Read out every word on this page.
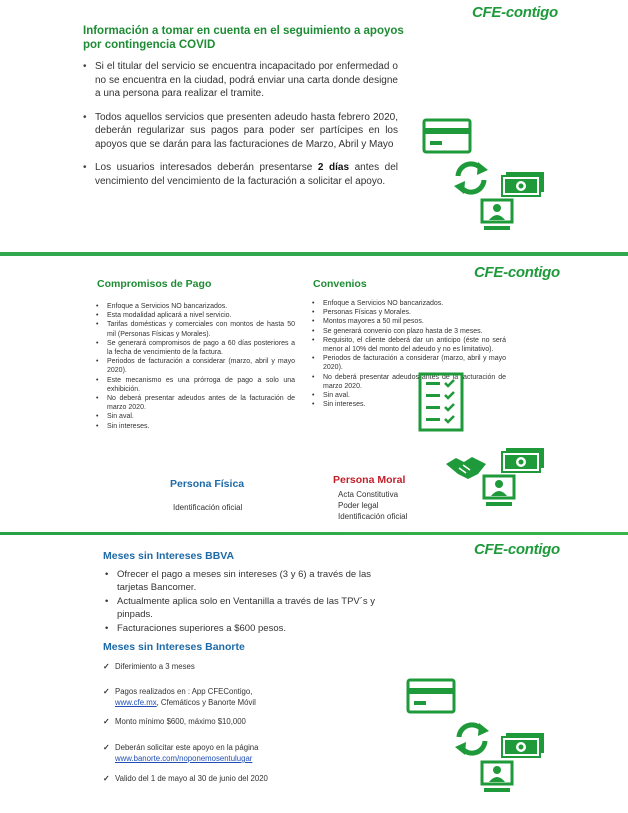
CFE-contigo
Información a tomar en cuenta en el seguimiento a apoyos por contingencia COVID
• Si el titular del servicio se encuentra incapacitado por enfermedad o no se encuentra en la ciudad, podrá enviar una carta donde designe a una persona para realizar el tramite.
• Todos aquellos servicios que presenten adeudo hasta febrero 2020, deberán regularizar sus pagos para poder ser partícipes en los apoyos que se darán para las facturaciones de Marzo, Abril y Mayo
• Los usuarios interesados deberán presentarse 2 días antes del vencimiento del vencimiento de la facturación a solicitar el apoyo.
CFE-contigo
Compromisos de Pago	Convenios
• Enfoque a Servicios NO bancarizados.
• Esta modalidad aplicará a nivel servicio.
• Tarifas domésticas y comerciales con montos de hasta 50 mil (Personas Físicas y Morales).
• Se generará compromisos de pago a 60 días posteriores a la fecha de vencimiento de la factura.
• Periodos de facturación a considerar (marzo, abril y mayo 2020).
• Este mecanismo es una prórroga de pago a solo una exhibición.
• No deberá presentar adeudos antes de la facturación de marzo 2020.
• Sin aval.
• Sin intereses.
• Enfoque a Servicios NO bancarizados.
• Personas Físicas y Morales.
• Montos mayores a 50 mil pesos.
• Se generará convenio con plazo hasta de 3 meses.
• Requisito, el cliente deberá dar un anticipo (éste no será menor al 10% del monto del adeudo y no es limitativo).
• Periodos de facturación a considerar (marzo, abril y mayo 2020).
• No deberá presentar adeudos antes de la facturación de marzo 2020.
• Sin aval.
• Sin intereses.
Persona Física
Identificación oficial
Persona Moral
Acta Constitutiva
Poder legal
Identificación oficial
CFE-contigo
Meses sin Intereses BBVA
• Ofrecer el pago a meses sin intereses (3 y 6) a través de las tarjetas Bancomer.
• Actualmente aplica solo en Ventanilla a través de las TPV´s y pinpads.
• Facturaciones superiores a $600 pesos.
Meses sin Intereses Banorte
✓ Diferimiento a 3 meses
✓ Pagos realizados en : App CFEContigo,
www.cfe.mx, Cfemáticos y Banorte Móvil
✓ Monto mínimo $600, máximo $10,000
✓ Deberán solicitar este apoyo en la página
www.banorte.com/noponemosentulugar
✓ Valido del 1 de mayo al 30 de junio del 2020
